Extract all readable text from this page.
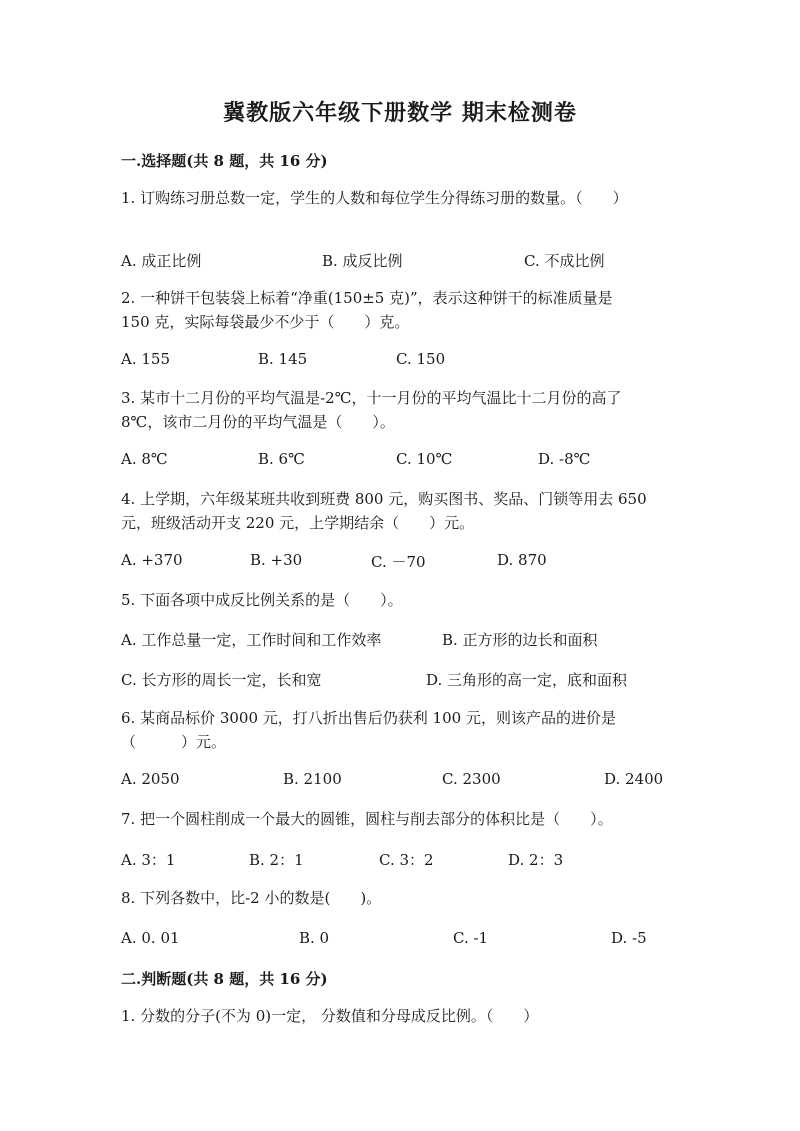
冀教版六年级下册数学 期末检测卷
一.选择题(共 8 题，共 16 分)
1. 订购练习册总数一定，学生的人数和每位学生分得练习册的数量。（　　）
A. 成正比例	B. 成反比例	C. 不成比例
2. 一种饼干包装袋上标着“净重(150±5 克)”，表示这种饼干的标准质量是
150 克，实际每袋最少不少于（　　）克。
A. 155	B. 145	C. 150
3. 某市十二月份的平均气温是-2℃，十一月份的平均气温比十二月份的高了
8℃，该市二月份的平均气温是（　　）。
A. 8℃	B. 6℃	C. 10℃	D. -8℃
4. 上学期，六年级某班共收到班费 800 元，购买图书、奖品、门锁等用去 650
元，班级活动开支 220 元，上学期结余（　　）元。
A. +370	B. +30	C. －70	D. 870
5. 下面各项中成反比例关系的是（　　）。
A. 工作总量一定，工作时间和工作效率	B. 正方形的边长和面积
C. 长方形的周长一定，长和宽	D. 三角形的高一定，底和面积
6. 某商品标价 3000 元，打八折出售后仍获利 100 元，则该产品的进价是
（　　　）元。
A. 2050	B. 2100	C. 2300	D. 2400
7. 把一个圆柱削成一个最大的圆锥，圆柱与削去部分的体积比是（　　）。
A. 3：1	B. 2：1	C. 3：2	D. 2：3
8. 下列各数中，比-2 小的数是(　　)。
A. 0. 01	B. 0	C. -1	D. -5
二.判断题(共 8 题，共 16 分)
1. 分数的分子(不为 0)一定， 分数值和分母成反比例。（　　）
